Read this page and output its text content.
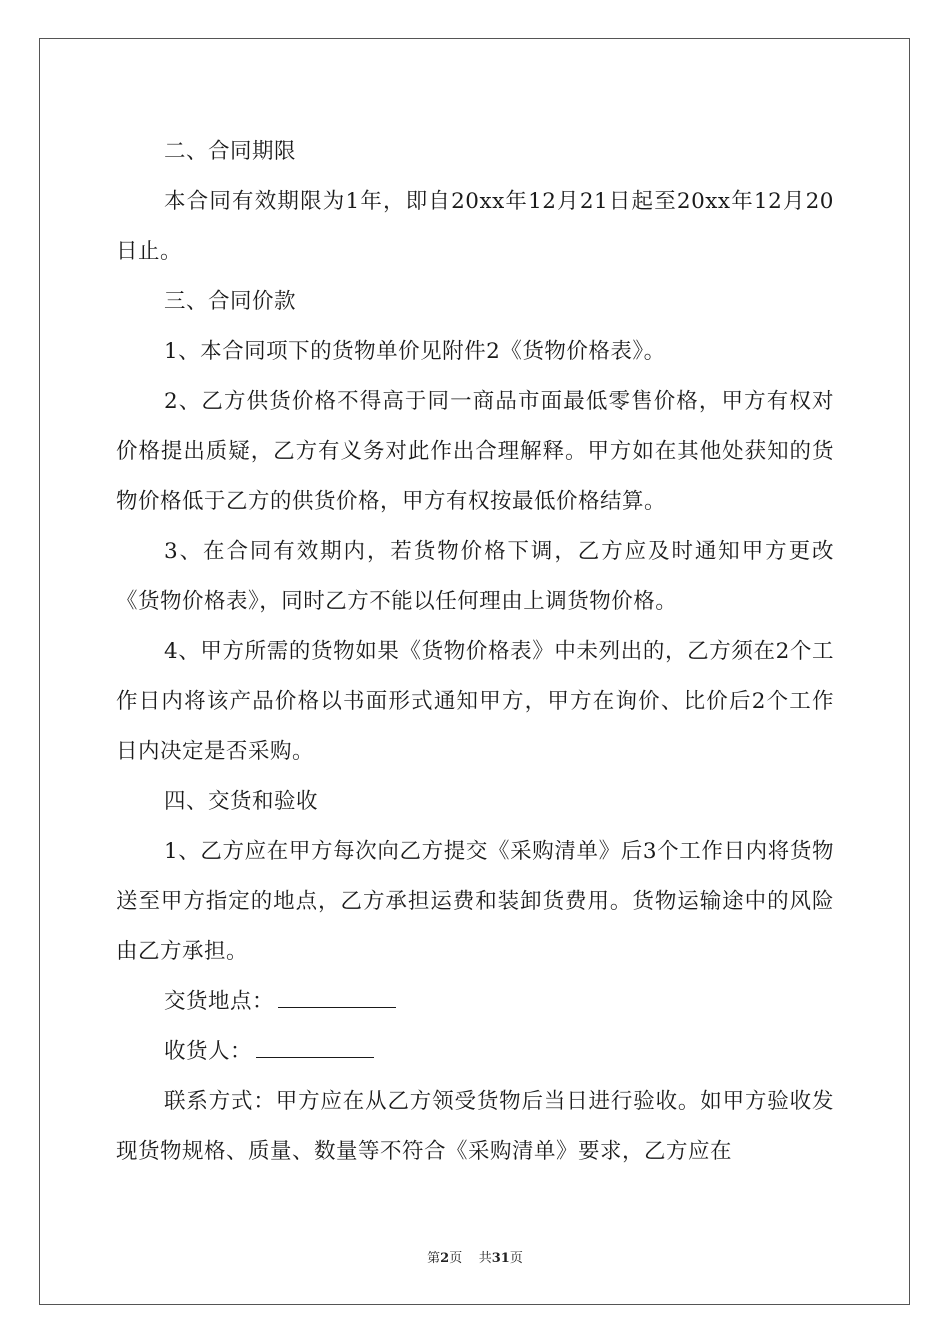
二、合同期限

本合同有效期限为1年，即自20xx年12月21日起至20xx年12月20日止。

三、合同价款

1、本合同项下的货物单价见附件2《货物价格表》。

2、乙方供货价格不得高于同一商品市面最低零售价格，甲方有权对价格提出质疑，乙方有义务对此作出合理解释。甲方如在其他处获知的货物价格低于乙方的供货价格，甲方有权按最低价格结算。

3、在合同有效期内，若货物价格下调，乙方应及时通知甲方更改《货物价格表》，同时乙方不能以任何理由上调货物价格。

4、甲方所需的货物如果《货物价格表》中未列出的，乙方须在2个工作日内将该产品价格以书面形式通知甲方，甲方在询价、比价后2个工作日内决定是否采购。

四、交货和验收

1、乙方应在甲方每次向乙方提交《采购清单》后3个工作日内将货物送至甲方指定的地点，乙方承担运费和装卸货费用。货物运输途中的风险由乙方承担。

交货地点：

收货人：

联系方式：甲方应在从乙方领受货物后当日进行验收。如甲方验收发现货物规格、质量、数量等不符合《采购清单》要求，乙方应在

第2页 共31页
